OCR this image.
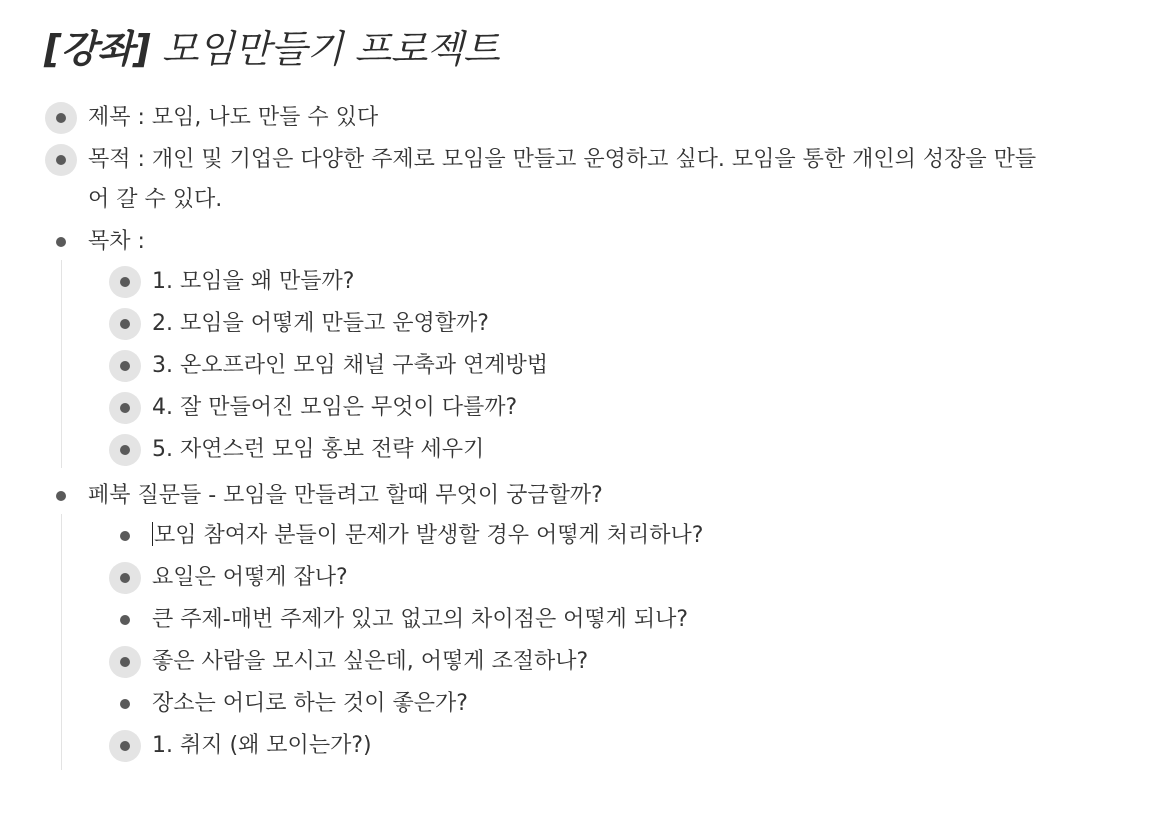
[강좌] 모임만들기 프로젝트
제목 : 모임, 나도 만들 수 있다
목적 : 개인 및 기업은 다양한 주제로 모임을 만들고 운영하고 싶다. 모임을 통한 개인의 성장을 만들
어 갈 수 있다.
목차 :
1. 모임을 왜 만들까?
2. 모임을 어떻게 만들고 운영할까?
3. 온오프라인 모임 채널 구축과 연계방법
4. 잘 만들어진 모임은 무엇이 다를까?
5. 자연스런 모임 홍보 전략 세우기
페북 질문들 - 모임을 만들려고 할때 무엇이 궁금할까?
모임 참여자 분들이 문제가 발생할 경우 어떻게 처리하나?
요일은 어떻게 잡나?
큰 주제-매번 주제가 있고 없고의 차이점은 어떻게 되나?
좋은 사람을 모시고 싶은데, 어떻게 조절하나?
장소는 어디로 하는 것이 좋은가?
1. 취지 (왜 모이는가?)
